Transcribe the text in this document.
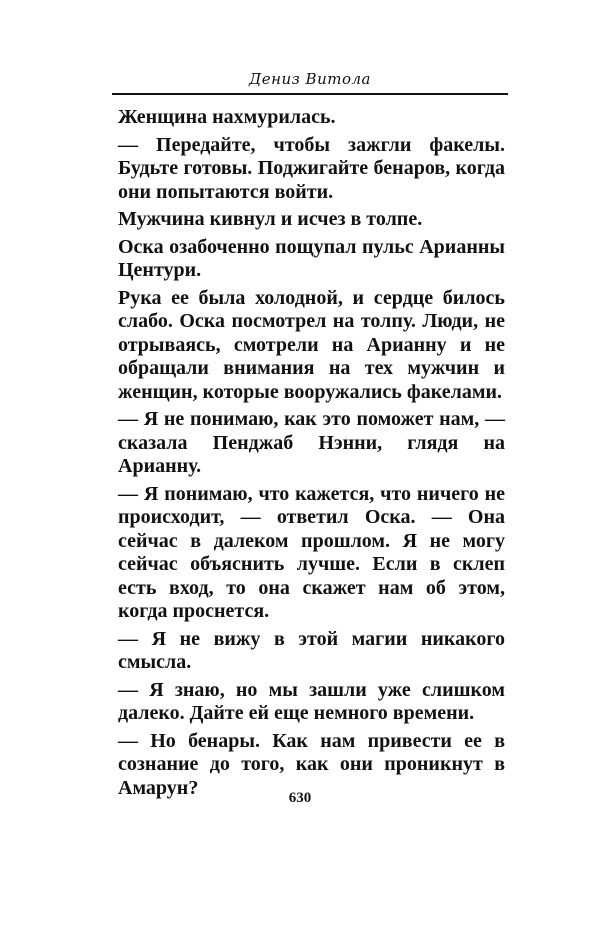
Дениз Витола

Женщина нахмурилась.

— Передайте, чтобы зажгли факелы. Будьте готовы. Поджигайте бенаров, когда они попытаются войти.

Мужчина кивнул и исчез в толпе.

Оска озабоченно пощупал пульс Арианны Центури.

Рука ее была холодной, и сердце билось слабо. Оска посмотрел на толпу. Люди, не отрываясь, смотрели на Арианну и не обращали внимания на тех мужчин и женщин, которые вооружались факелами.

— Я не понимаю, как это поможет нам, — сказала Пенджаб Нэнни, глядя на Арианну.

— Я понимаю, что кажется, что ничего не происходит, — ответил Оска. — Она сейчас в далеком прошлом. Я не могу сейчас объяснить лучше. Если в склеп есть вход, то она скажет нам об этом, когда проснется.

— Я не вижу в этой магии никакого смысла.

— Я знаю, но мы зашли уже слишком далеко. Дайте ей еще немного времени.

— Но бенары. Как нам привести ее в сознание до того, как они проникнут в Амарун?	630
